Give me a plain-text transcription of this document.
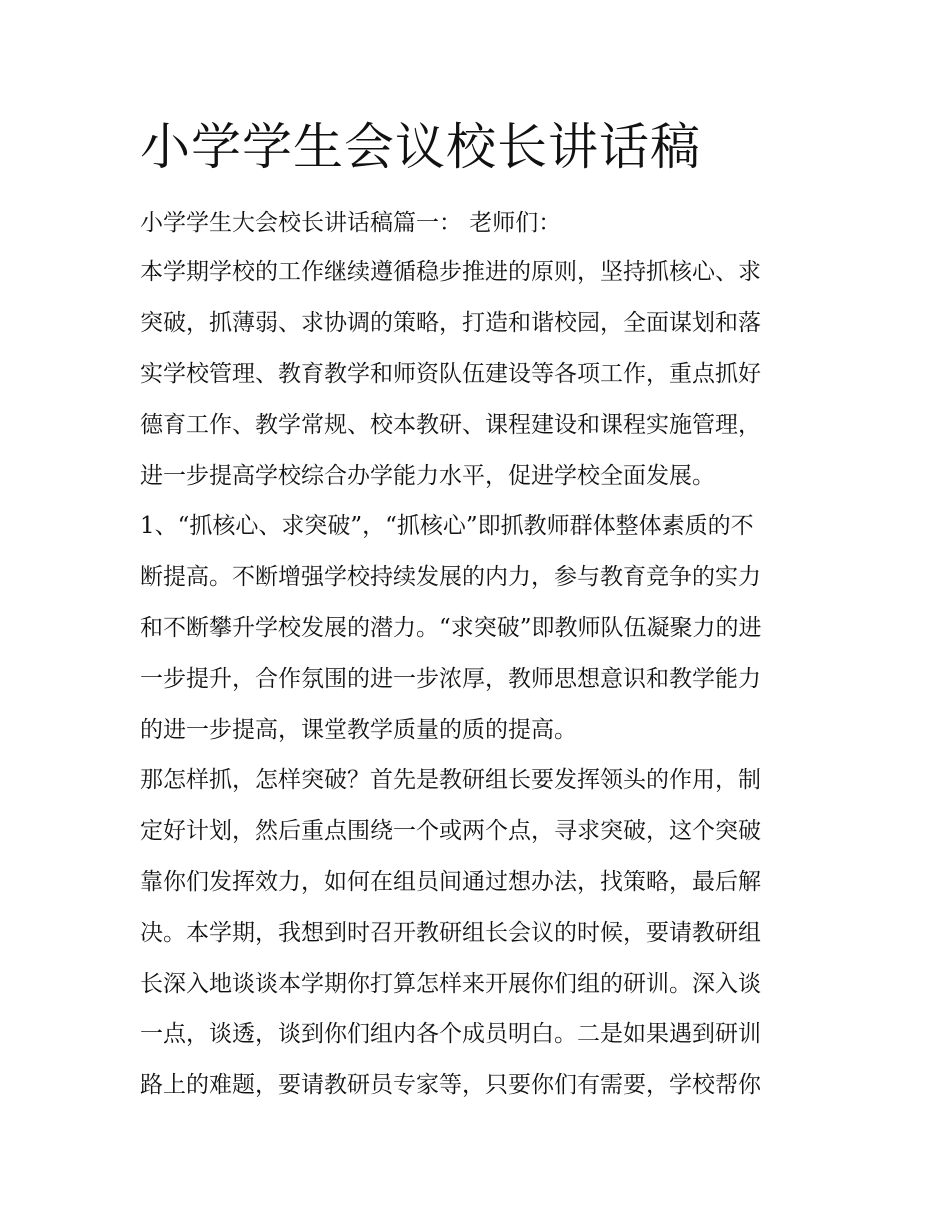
小学学生会议校长讲话稿
小学学生大会校长讲话稿篇一： 老师们：
本学期学校的工作继续遵循稳步推进的原则，坚持抓核心、求
突破，抓薄弱、求协调的策略，打造和谐校园，全面谋划和落
实学校管理、教育教学和师资队伍建设等各项工作，重点抓好
德育工作、教学常规、校本教研、课程建设和课程实施管理，
进一步提高学校综合办学能力水平，促进学校全面发展。
1、“抓核心、求突破”，“抓核心”即抓教师群体整体素质的不
断提高。不断增强学校持续发展的内力，参与教育竞争的实力
和不断攀升学校发展的潜力。“求突破”即教师队伍凝聚力的进
一步提升，合作氛围的进一步浓厚，教师思想意识和教学能力
的进一步提高，课堂教学质量的质的提高。
那怎样抓，怎样突破？首先是教研组长要发挥领头的作用，制
定好计划，然后重点围绕一个或两个点，寻求突破，这个突破
靠你们发挥效力，如何在组员间通过想办法，找策略，最后解
决。本学期，我想到时召开教研组长会议的时候，要请教研组
长深入地谈谈本学期你打算怎样来开展你们组的研训。深入谈
一点，谈透，谈到你们组内各个成员明白。二是如果遇到研训
路上的难题，要请教研员专家等，只要你们有需要，学校帮你
